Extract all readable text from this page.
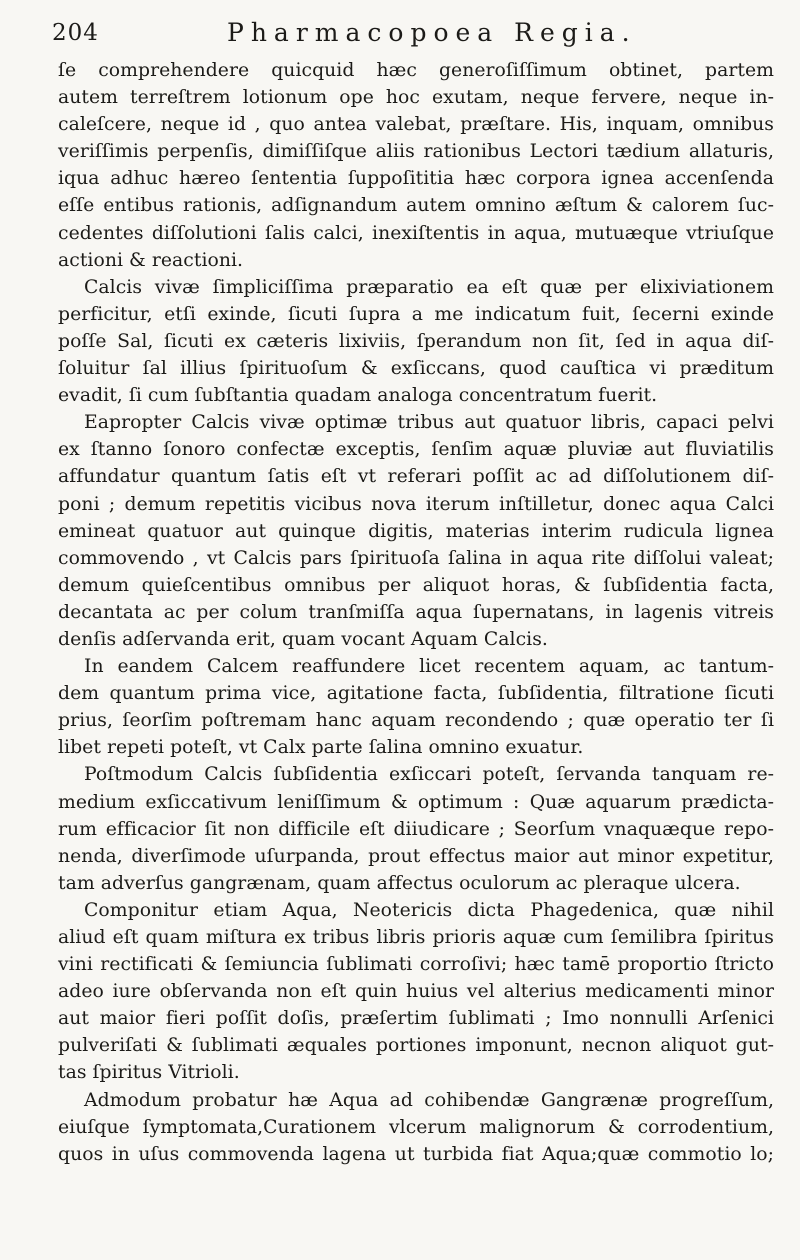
204	Pharmacopoea Regia.
ſe comprehendere quicquid hæc generoſiſſimum obtinet, partem
autem terreſtrem lotionum ope hoc exutam, neque fervere, neque in-
caleſcere, neque id , quo antea valebat, præſtare. His, inquam, omnibus
veriſſimis perpenſis, dimiſſiſque aliis rationibus Lectori tædium allaturis,
iqua adhuc hæreo ſententia ſuppoſititia hæc corpora ignea accenſenda
eſſe entibus rationis, adſignandum autem omnino æſtum & calorem ſuc-
cedentes diſſolutioni ſalis calci, inexiſtentis in aqua, mutuæque vtriuſque
actioni & reactioni.
Calcis vivæ ſimpliciſſima præparatio ea eſt quæ per elixiviationem
perficitur, etſi exinde, ſicuti ſupra a me indicatum fuit, ſecerni exinde
poſſe Sal, ſicuti ex cæteris lixiviis, ſperandum non ſit, ſed in aqua diſ-
ſoluitur ſal illius ſpirituoſum & exſiccans, quod cauſtica vi præditum
evadit, ſi cum ſubſtantia quadam analoga concentratum fuerit.
Eapropter Calcis vivæ optimæ tribus aut quatuor libris, capaci pelvi
ex ſtanno ſonoro confectæ exceptis, ſenſim aquæ pluviæ aut fluviatilis
affundatur quantum ſatis eſt vt referari poſſit ac ad diſſolutionem diſ-
poni ; demum repetitis vicibus nova iterum inſtilletur, donec aqua Calci
emineat quatuor aut quinque digitis, materias interim rudicula lignea
commovendo , vt Calcis pars ſpirituoſa ſalina in aqua rite diſſolui valeat;
demum quieſcentibus omnibus per aliquot horas, & ſubſidentia facta,
decantata ac per colum tranſmiſſa aqua ſupernatans, in lagenis vitreis
denſis adſervanda erit, quam vocant Aquam Calcis.
In eandem Calcem reaffundere licet recentem aquam, ac tantum-
dem quantum prima vice, agitatione facta, ſubſidentia, filtratione ſicuti
prius, ſeorſim poſtremam hanc aquam recondendo ; quæ operatio ter ſi
libet repeti poteſt, vt Calx parte ſalina omnino exuatur.
Poſtmodum Calcis ſubſidentia exſiccari poteſt, ſervanda tanquam re-
medium exſiccativum leniſſimum & optimum : Quæ aquarum prædicta-
rum efficacior ſit non difficile eſt diiudicare ; Seorſum vnaquæque repo-
nenda, diverſimode uſurpanda, prout effectus maior aut minor expetitur,
tam adverſus gangrænam, quam affectus oculorum ac pleraque ulcera.
Componitur etiam Aqua, Neotericis dicta Phagedenica, quæ nihil
aliud eſt quam miſtura ex tribus libris prioris aquæ cum ſemilibra ſpiritus
vini rectificati & ſemiuncia ſublimati corroſivi; hæc tamē proportio ſtricto
adeo iure obſervanda non eſt quin huius vel alterius medicamenti minor
aut maior fieri poſſit doſis, præſertim ſublimati ; Imo nonnulli Arſenici
pulveriſati & ſublimati æquales portiones imponunt, necnon aliquot gut-
tas ſpiritus Vitrioli.
Admodum probatur hæ Aqua ad cohibendæ Gangrænæ progreſſum,
eiuſque ſymptomata,Curationem vlcerum malignorum & corrodentium,
quos in uſus commovenda lagena ut turbida fiat Aqua;quæ commotio lo;
